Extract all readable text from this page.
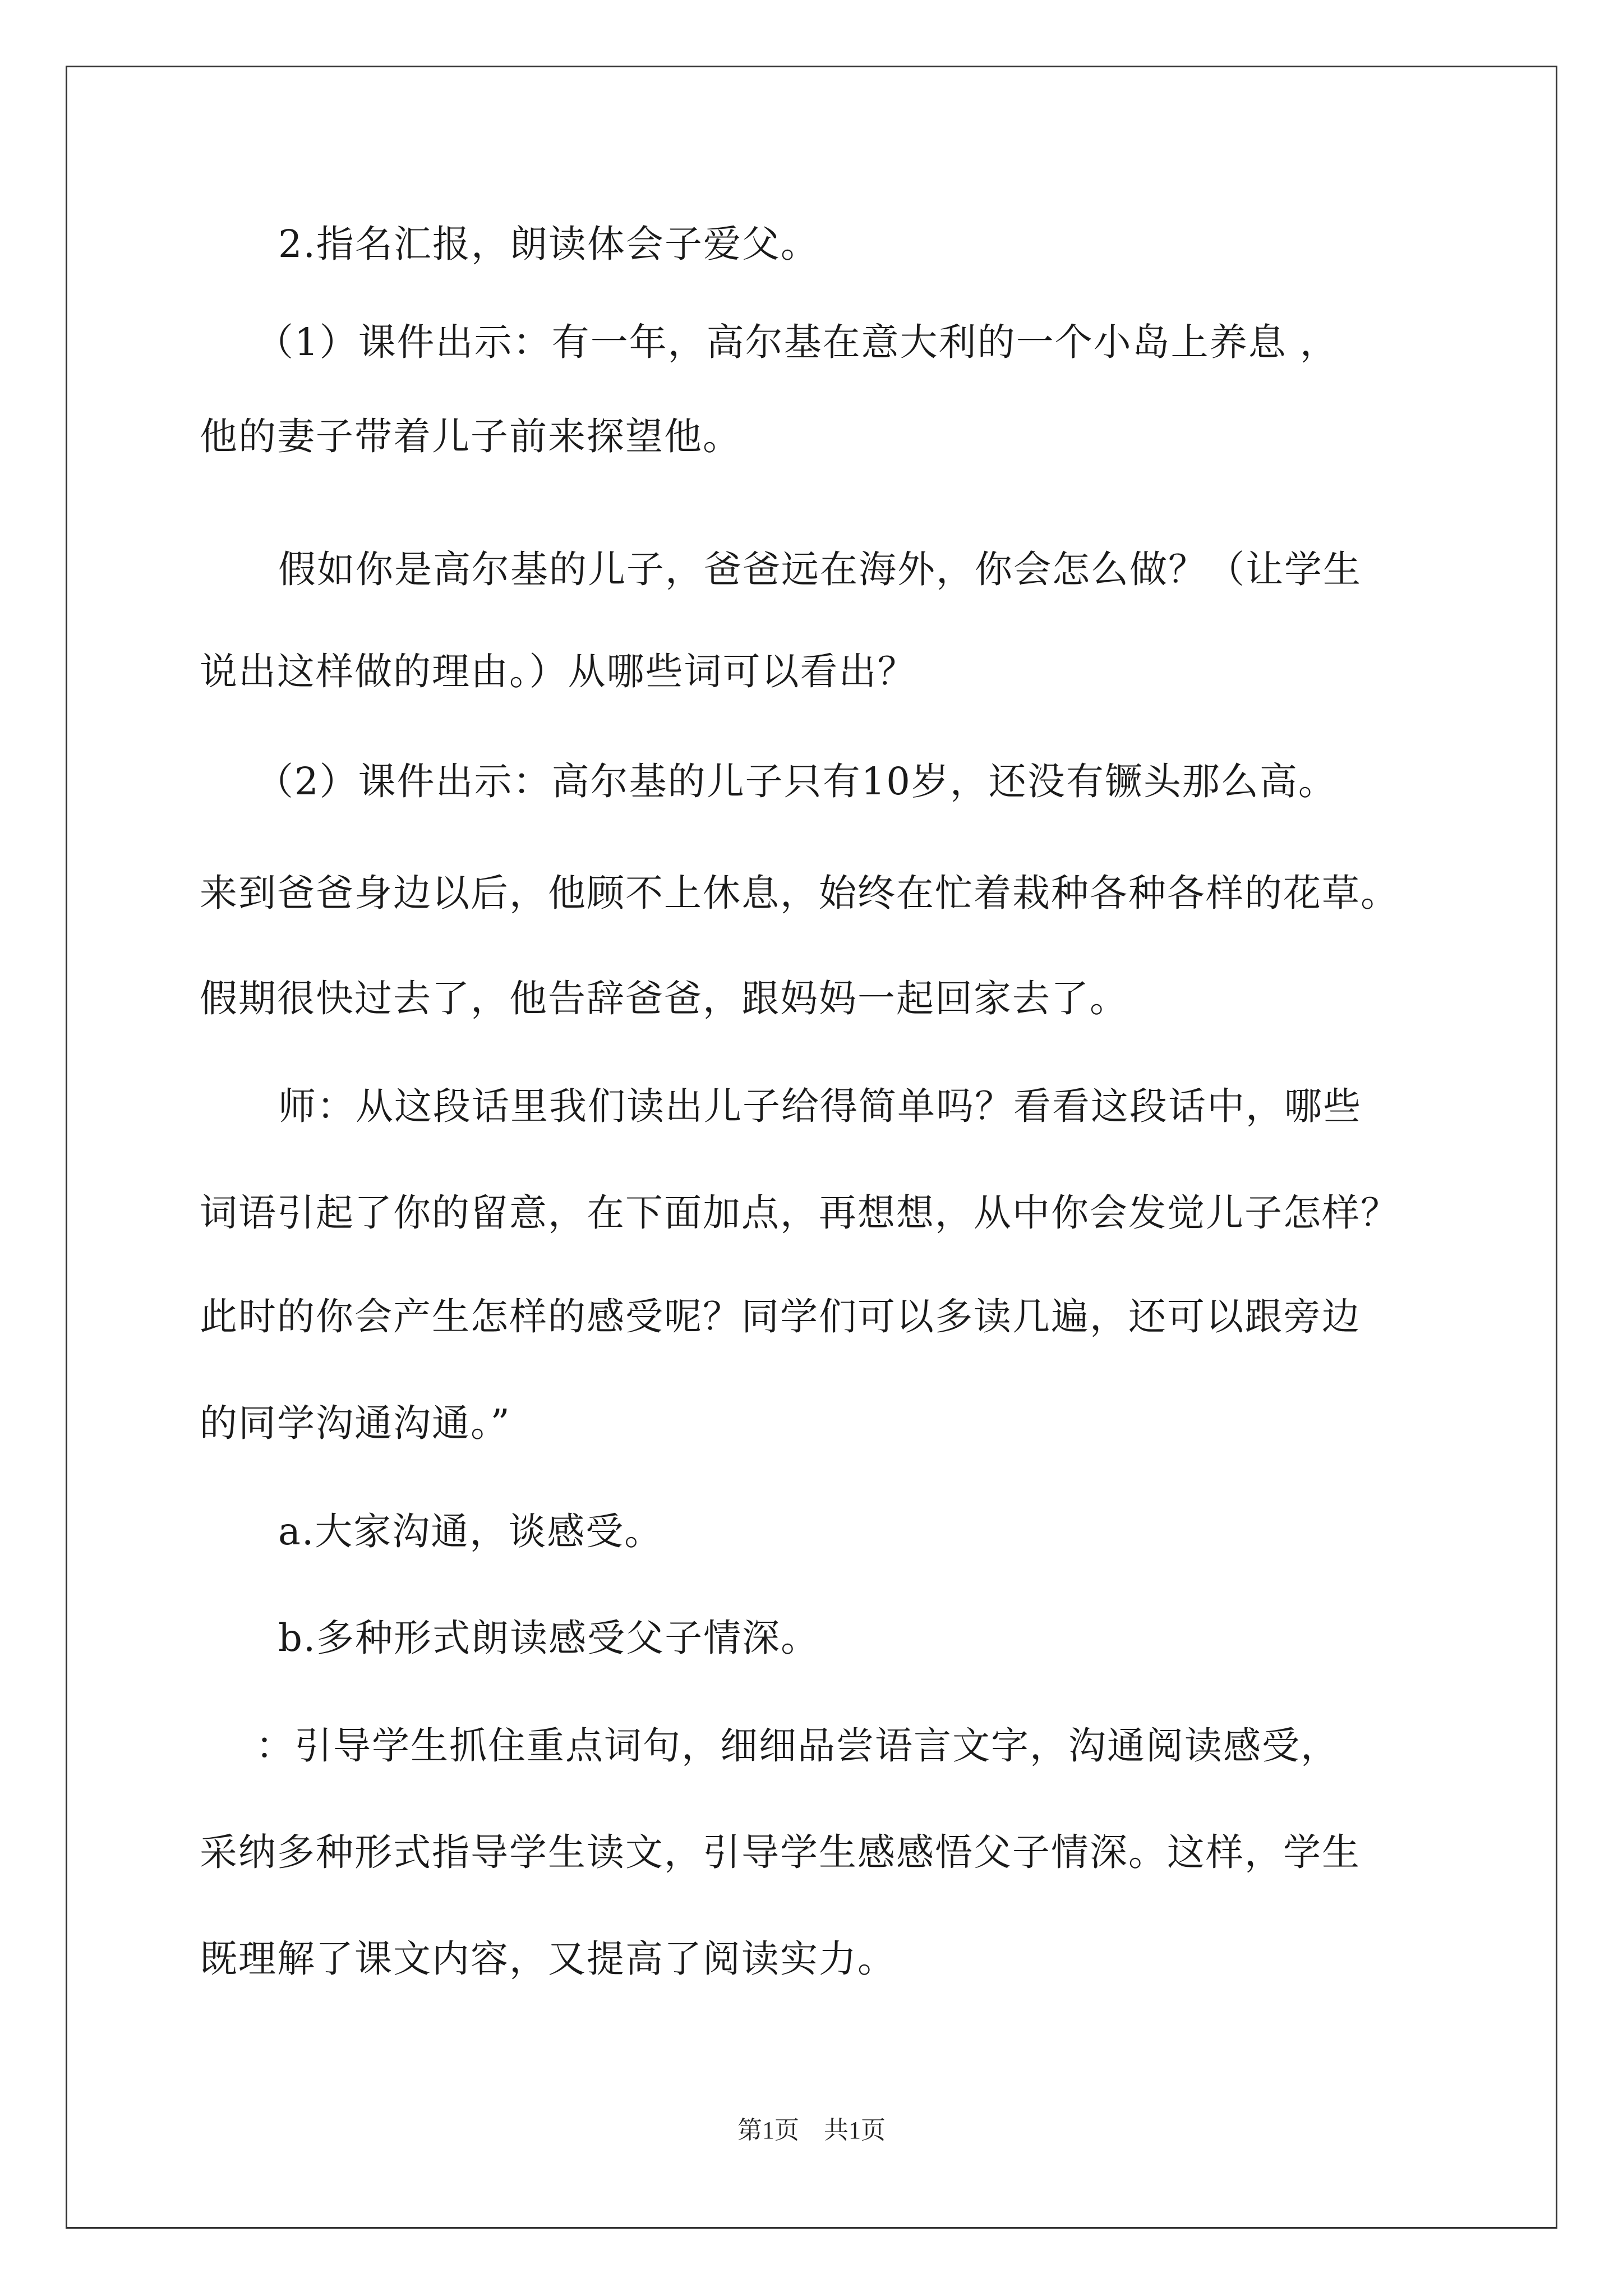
2.指名汇报，朗读体会子爱父。
（1）课件出示：有一年，高尔基在意大利的一个小岛上养息 ，
他的妻子带着儿子前来探望他。
假如你是高尔基的儿子，爸爸远在海外，你会怎么做？（让学生
说出这样做的理由。）从哪些词可以看出？
（2）课件出示：高尔基的儿子只有10岁，还没有镢头那么高。
来到爸爸身边以后，他顾不上休息，始终在忙着栽种各种各样的花草。
假期很快过去了，他告辞爸爸，跟妈妈一起回家去了。
师：从这段话里我们读出儿子给得简单吗？看看这段话中，哪些
词语引起了你的留意，在下面加点，再想想，从中你会发觉儿子怎样？
此时的你会产生怎样的感受呢？同学们可以多读几遍，还可以跟旁边
的同学沟通沟通。”
a.大家沟通，谈感受。
b.多种形式朗读感受父子情深。
：引导学生抓住重点词句，细细品尝语言文字，沟通阅读感受，
采纳多种形式指导学生读文，引导学生感感悟父子情深。这样，学生
既理解了课文内容，又提高了阅读实力。
第1页　共1页
